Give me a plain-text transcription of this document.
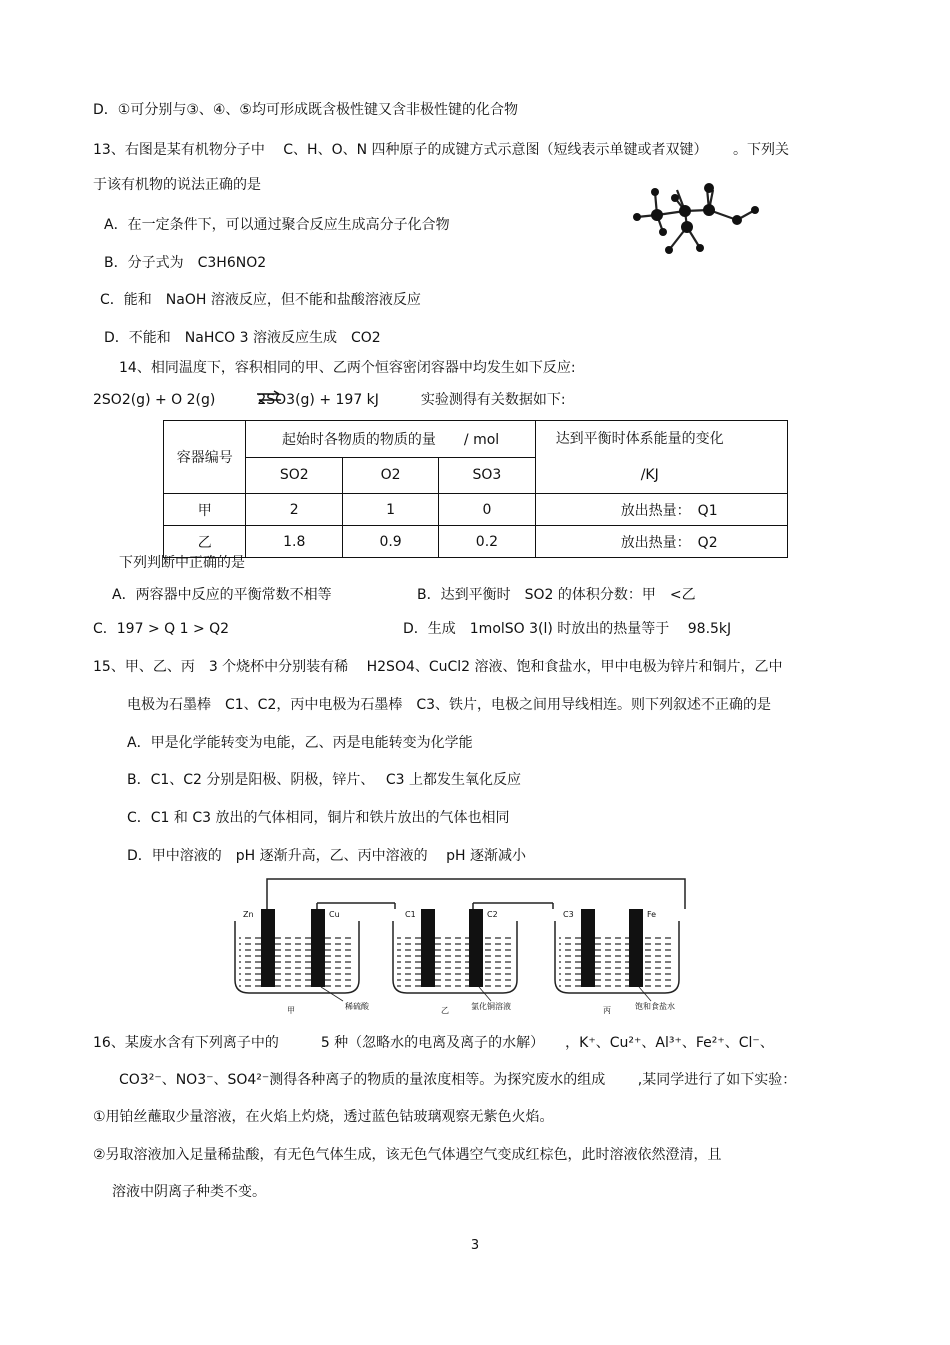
D．①可分别与③、④、⑤均可形成既含极性键又含非极性键的化合物
13、右图是某有机物分子中　 C、H、O、N 四种原子的成键方式示意图（短线表示单键或者双键）　　 。下列关
于该有机物的说法正确的是
A．在一定条件下，可以通过聚合反应生成高分子化合物
B．分子式为　C3H6NO2
C．能和　NaOH 溶液反应，但不能和盐酸溶液反应
D．不能和　NaHCO 3 溶液反应生成　CO2
14、相同温度下，容积相同的甲、乙两个恒容密闭容器中均发生如下反应:
2SO2(g) + O 2(g)　　　2SO3(g) + 197 kJ　　　实验测得有关数据如下:
容器编号	起始时各物质的物质的量　　/ mol			达到平衡时体系能量的变化
/KJ

	SO2	O2	SO3	
甲	2	1	0	放出热量：　Q1
乙	1.8	0.9	0.2	放出热量：　Q2
下列判断中正确的是
A．两容器中反应的平衡常数不相等	B．达到平衡时　SO2 的体积分数：甲　<乙
C．197 > Q 1 > Q2	D．生成　1molSO 3(l) 时放出的热量等于　 98.5kJ
15、甲、乙、丙　3 个烧杯中分别装有稀　 H2SO4、CuCl2 溶液、饱和食盐水，甲中电极为锌片和铜片，乙中
电极为石墨棒　C1、C2，丙中电极为石墨棒　C3、铁片，电极之间用导线相连。则下列叙述不正确的是
A．甲是化学能转变为电能，乙、丙是电能转变为化学能
B．C1、C2 分别是阳极、阴极，锌片、　 C3 上都发生氧化反应
C．C1 和 C3 放出的气体相同，铜片和铁片放出的气体也相同
D．甲中溶液的　pH 逐渐升高，乙、丙中溶液的　 pH 逐渐减小
Zn	Cu	C1	C2	C3	Fe
甲	稀硫酸	乙	氯化铜溶液	丙	饱和食盐水
16、某废水含有下列离子中的　　　5 种（忽略水的电离及离子的水解）　　，K⁺、Cu²⁺、Al³⁺、Fe²⁺、Cl⁻、
CO3²⁻、NO3⁻、SO4²⁻测得各种离子的物质的量浓度相等。为探究废水的组成　　 ,某同学进行了如下实验：
①用铂丝蘸取少量溶液，在火焰上灼烧，透过蓝色钴玻璃观察无紫色火焰。
②另取溶液加入足量稀盐酸，有无色气体生成，该无色气体遇空气变成红棕色，此时溶液依然澄清，且
溶液中阴离子种类不变。
3
